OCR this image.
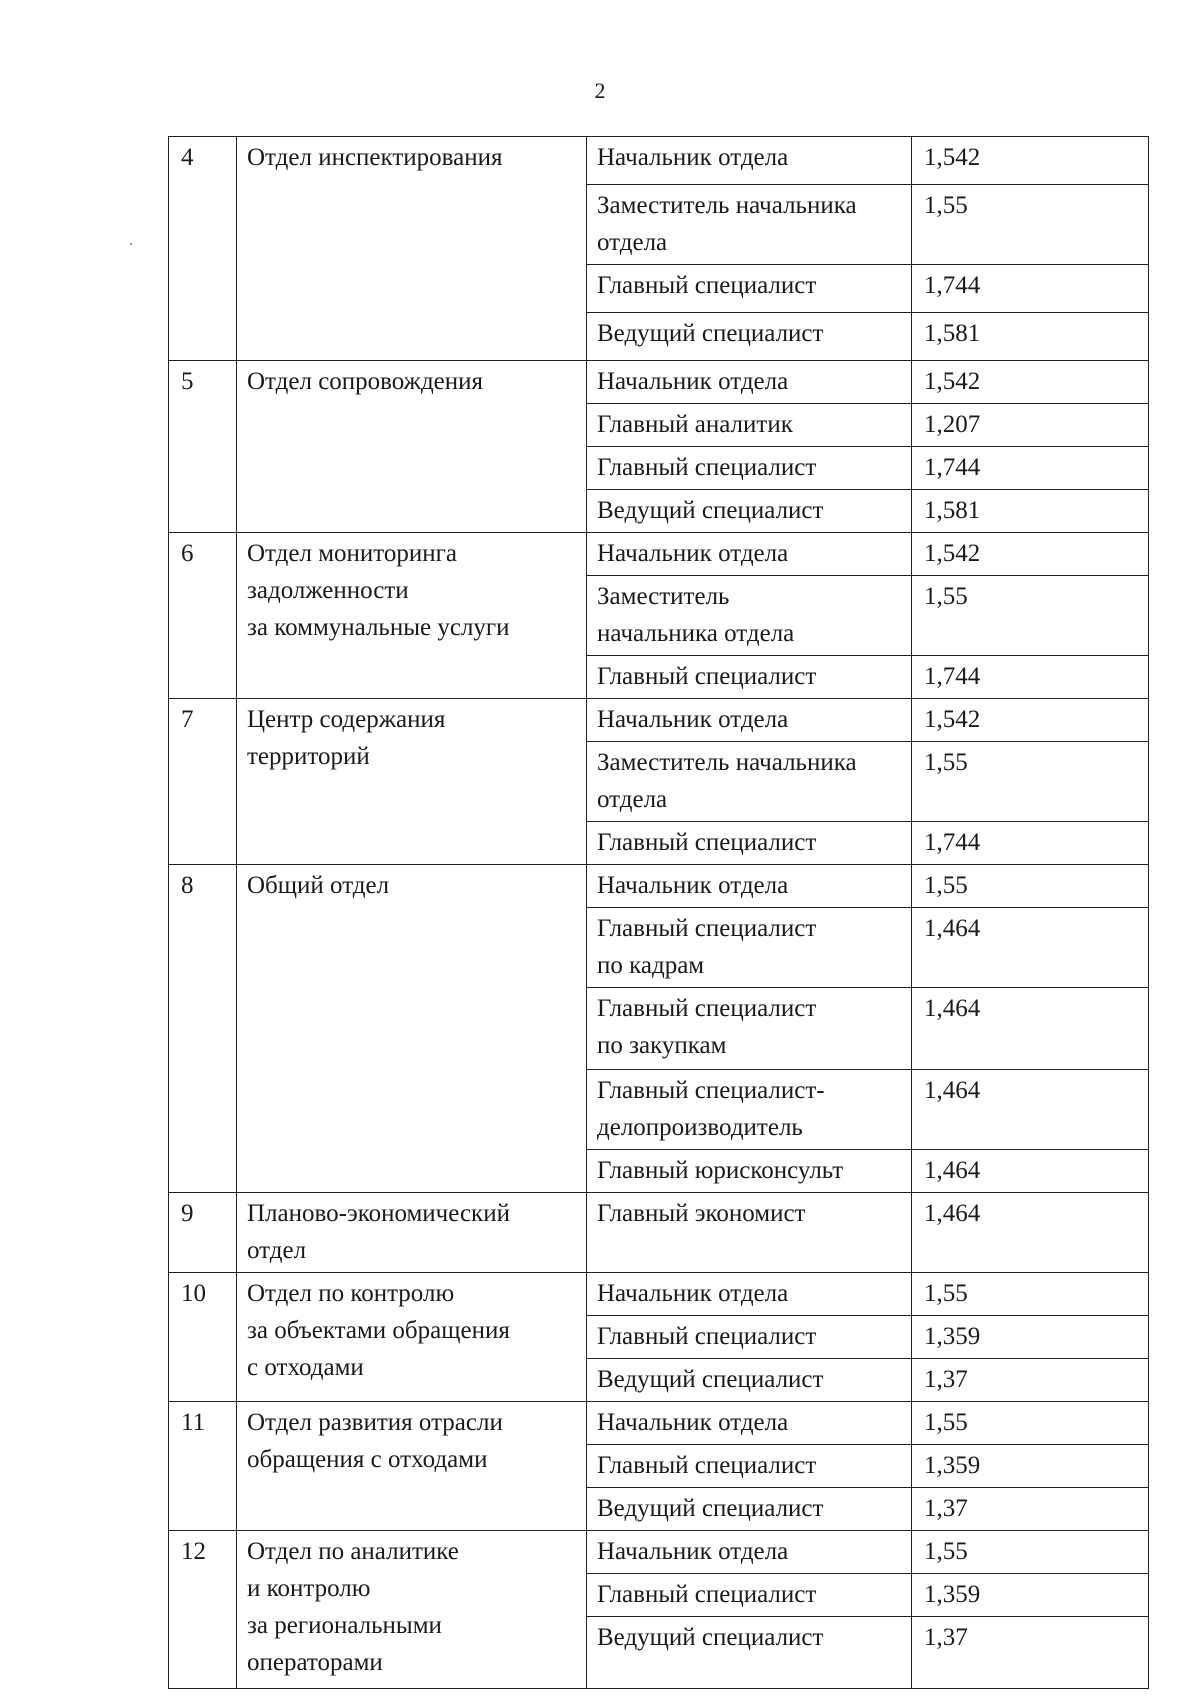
2
4	Отдел инспектирования	Начальник отдела	1,542
		Заместитель начальника отдела	1,55
		Главный специалист	1,744
		Ведущий специалист	1,581
5	Отдел сопровождения	Начальник отдела	1,542
		Главный аналитик	1,207
		Главный специалист	1,744
		Ведущий специалист	1,581
6	Отдел мониторинга
задолженности
за коммунальные услуги	Начальник отдела	1,542
		Заместитель
начальника отдела	1,55
		Главный специалист	1,744
7	Центр содержания
территорий	Начальник отдела	1,542
		Заместитель начальника
отдела	1,55
		Главный специалист	1,744
8	Общий отдел	Начальник отдела	1,55
		Главный специалист
по кадрам	1,464
		Главный специалист
по закупкам	1,464
		Главный специалист-
делопроизводитель	1,464
		Главный юрисконсульт	1,464
9	Планово-экономический
отдел	Главный экономист	1,464
10	Отдел по контролю
за объектами обращения
с отходами	Начальник отдела	1,55
		Главный специалист	1,359
		Ведущий специалист	1,37
11	Отдел развития отрасли
обращения с отходами	Начальник отдела	1,55
		Главный специалист	1,359
		Ведущий специалист	1,37
12	Отдел по аналитике
и контролю
за региональными
операторами	Начальник отдела	1,55
		Главный специалист	1,359
		Ведущий специалист	1,37
